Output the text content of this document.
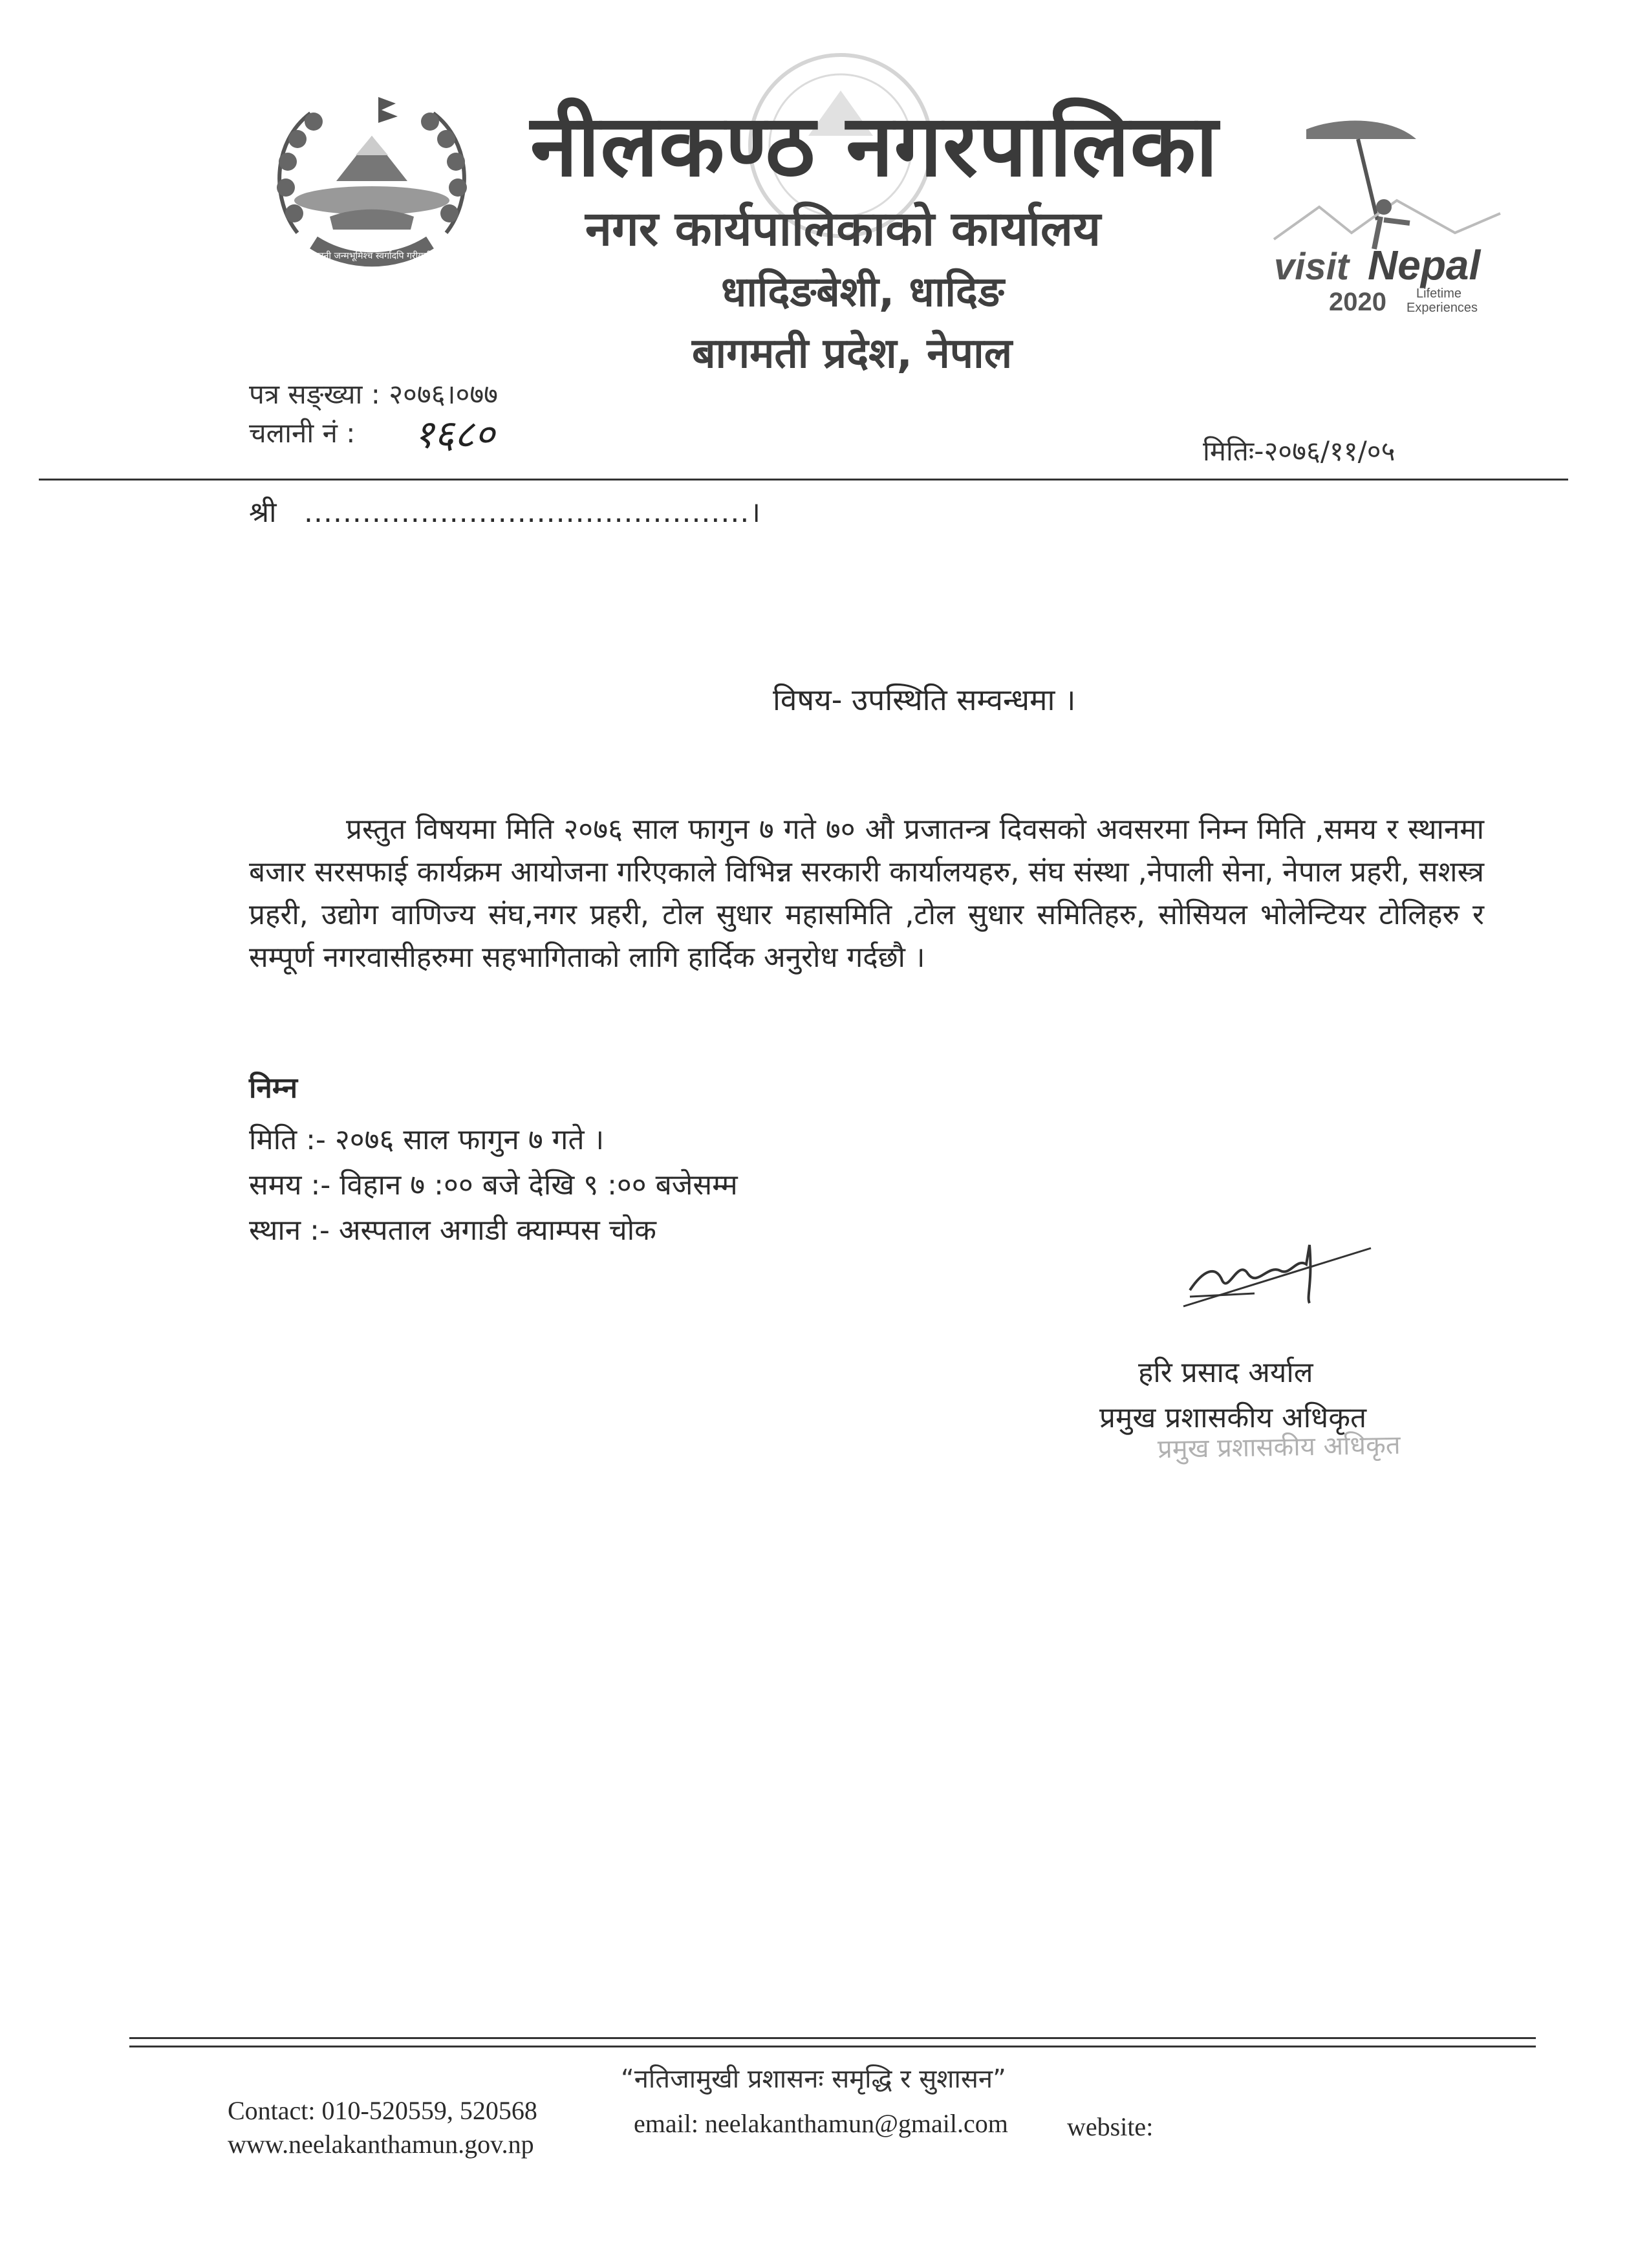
जननी जन्मभूमिश्च स्वर्गादपि गरीयसी
नीलकण्ठ नगरपालिका
नगर कार्यपालिकाको कार्यालय
धादिङबेशी, धादिङ
बागमती प्रदेश, नेपाल
visit Nepal
2020 Lifetime
Experiences
पत्र सङ्ख्या : २०७६।०७७
चलानी नं : १६८०	मितिः-२०७६/११/०५
श्री ..............................................।
विषय- उपस्थिति सम्वन्धमा ।
प्रस्तुत विषयमा मिति २०७६ साल फागुन ७ गते ७० औ प्रजातन्त्र दिवसको अवसरमा निम्न मिति ,समय र स्थानमा बजार सरसफाई कार्यक्रम आयोजना गरिएकाले विभिन्न सरकारी कार्यालयहरु, संघ संस्था ,नेपाली सेना, नेपाल प्रहरी, सशस्त्र प्रहरी, उद्योग वाणिज्य संघ,नगर प्रहरी, टोल सुधार महासमिति ,टोल सुधार समितिहरु, सोसियल भोलेन्टियर टोलिहरु र सम्पूर्ण नगरवासीहरुमा सहभागिताको लागि हार्दिक अनुरोध गर्दछौ ।
निम्न
मिति :- २०७६ साल फागुन ७ गते ।
समय :- विहान ७ :०० बजे देखि ९ :०० बजेसम्म
स्थान :- अस्पताल अगाडी क्याम्पस चोक
हरि प्रसाद अर्याल
प्रमुख प्रशासकीय अधिकृत
प्रमुख प्रशासकीय अधिकृत
“नतिजामुखी प्रशासनः समृद्धि र सुशासन”
Contact: 010-520559, 520568
www.neelakanthamun.gov.np
email: neelakanthamun@gmail.com website:
